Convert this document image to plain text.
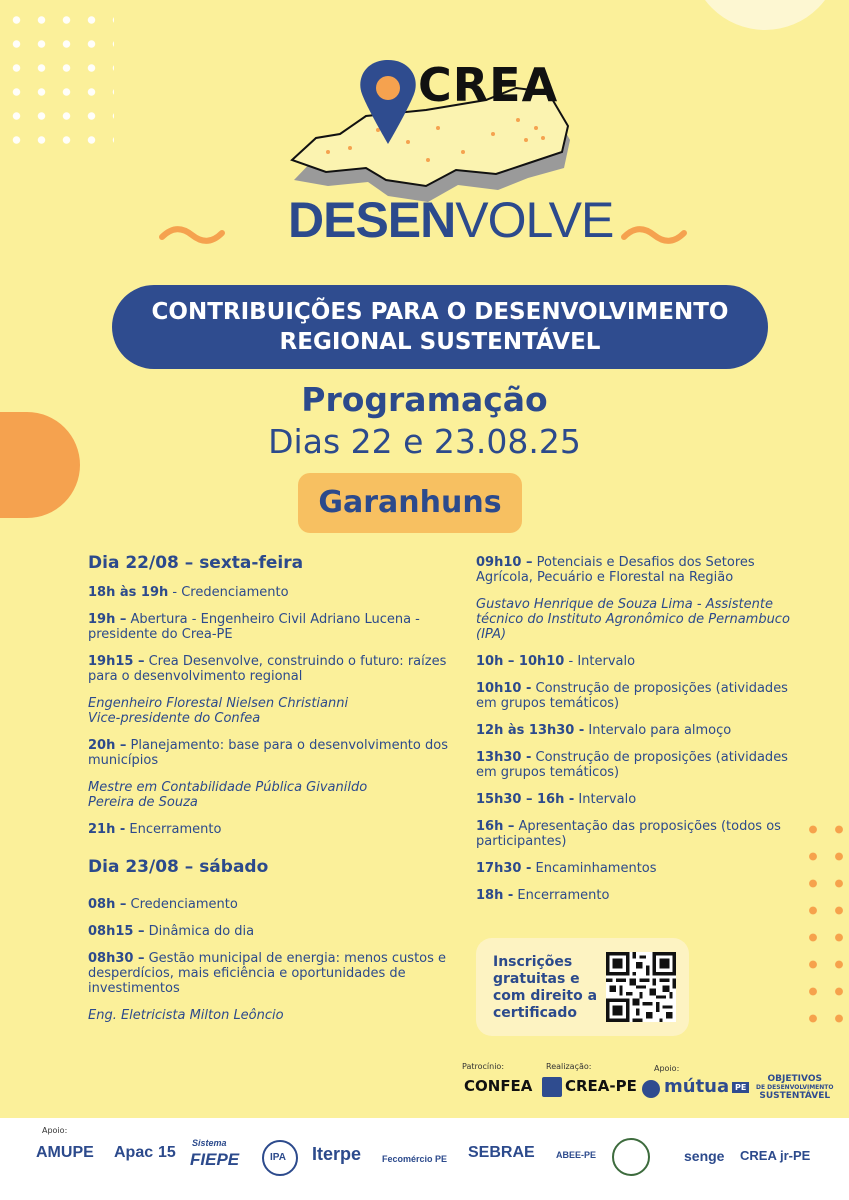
CREA
DESENVOLVE
CONTRIBUIÇÕES PARA O DESENVOLVIMENTO
REGIONAL SUSTENTÁVEL
Programação
Dias 22 e 23.08.25
Garanhuns
Dia 22/08 – sexta-feira
18h às 19h - Credenciamento
19h – Abertura - Engenheiro Civil Adriano Lucena - presidente do Crea-PE
19h15 – Crea Desenvolve, construindo o futuro: raízes para o desenvolvimento regional
Engenheiro Florestal Nielsen Christianni
Vice-presidente do Confea
20h – Planejamento: base para o desenvolvimento dos municípios
Mestre em Contabilidade Pública Givanildo
Pereira de Souza
21h - Encerramento
Dia 23/08 – sábado
08h – Credenciamento
08h15 – Dinâmica do dia
08h30 – Gestão municipal de energia: menos custos e desperdícios, mais eficiência e oportunidades de investimentos
Eng. Eletricista Milton Leôncio
09h10 – Potenciais e Desafios dos Setores Agrícola, Pecuário e Florestal na Região
Gustavo Henrique de Souza Lima - Assistente técnico do Instituto Agronômico de Pernambuco (IPA)
10h – 10h10 - Intervalo
10h10 - Construção de proposições (atividades em grupos temáticos)
12h às 13h30 - Intervalo para almoço
13h30 - Construção de proposições (atividades em grupos temáticos)
15h30 – 16h - Intervalo
16h – Apresentação das proposições (todos os participantes)
17h30 - Encaminhamentos
18h - Encerramento
Inscrições gratuitas e com direito a certificado
Patrocínio:	Realização:	Apoio:
CONFEA CREA-PE mútua PE
OBJETIVOS
DE DESENVOLVIMENTO
SUSTENTÁVEL
Apoio:
AMUPE Apac 15
Sistema
FIEPE	IPA Iterpe Fecomércio PE SEBRAE ABEE-PE	senge CREA jr-PE
